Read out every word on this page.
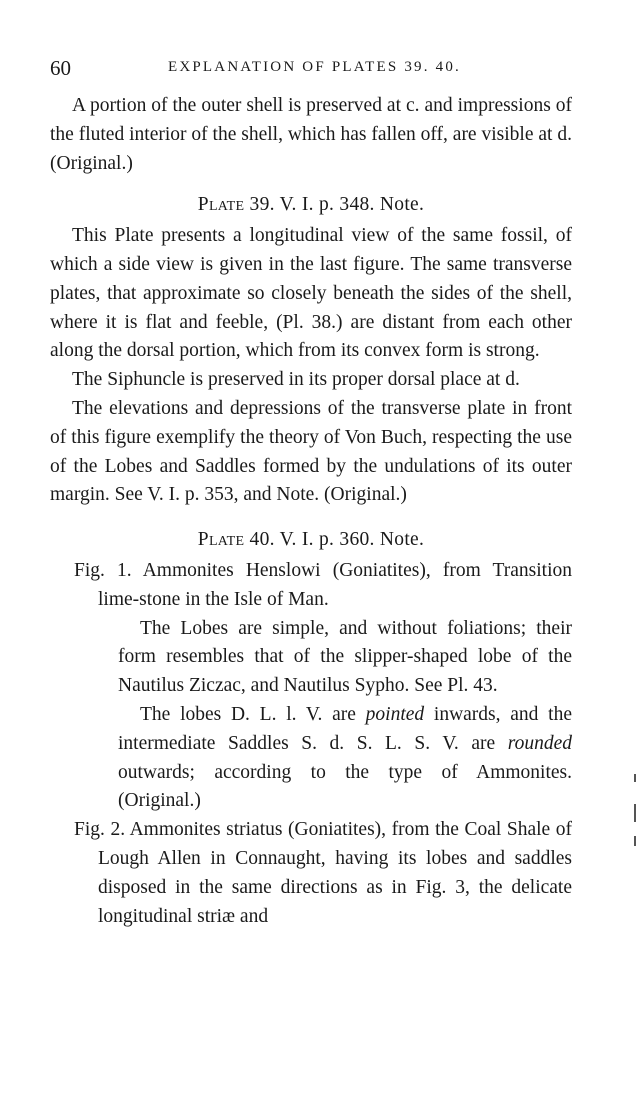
60	EXPLANATION OF PLATES 39. 40.

A portion of the outer shell is preserved at c. and impressions of the fluted interior of the shell, which has fallen off, are visible at d. (Original.)

Plate 39. V. I. p. 348. Note.

This Plate presents a longitudinal view of the same fossil, of which a side view is given in the last figure. The same transverse plates, that approximate so closely beneath the sides of the shell, where it is flat and feeble, (Pl. 38.) are distant from each other along the dorsal portion, which from its convex form is strong.

The Siphuncle is preserved in its proper dorsal place at d.

The elevations and depressions of the transverse plate in front of this figure exemplify the theory of Von Buch, respecting the use of the Lobes and Saddles formed by the undulations of its outer margin. See V. I. p. 353, and Note. (Original.)

Plate 40. V. I. p. 360. Note.

Fig. 1. Ammonites Henslowi (Goniatites), from Transition lime-stone in the Isle of Man.

The Lobes are simple, and without foliations; their form resembles that of the slipper-shaped lobe of the Nautilus Ziczac, and Nautilus Sypho. See Pl. 43.

The lobes D. L. l. V. are pointed inwards, and the intermediate Saddles S. d. S. L. S. V. are rounded outwards; according to the type of Ammonites. (Original.)

Fig. 2. Ammonites striatus (Goniatites), from the Coal Shale of Lough Allen in Connaught, having its lobes and saddles disposed in the same directions as in Fig. 3, the delicate longitudinal striæ and
